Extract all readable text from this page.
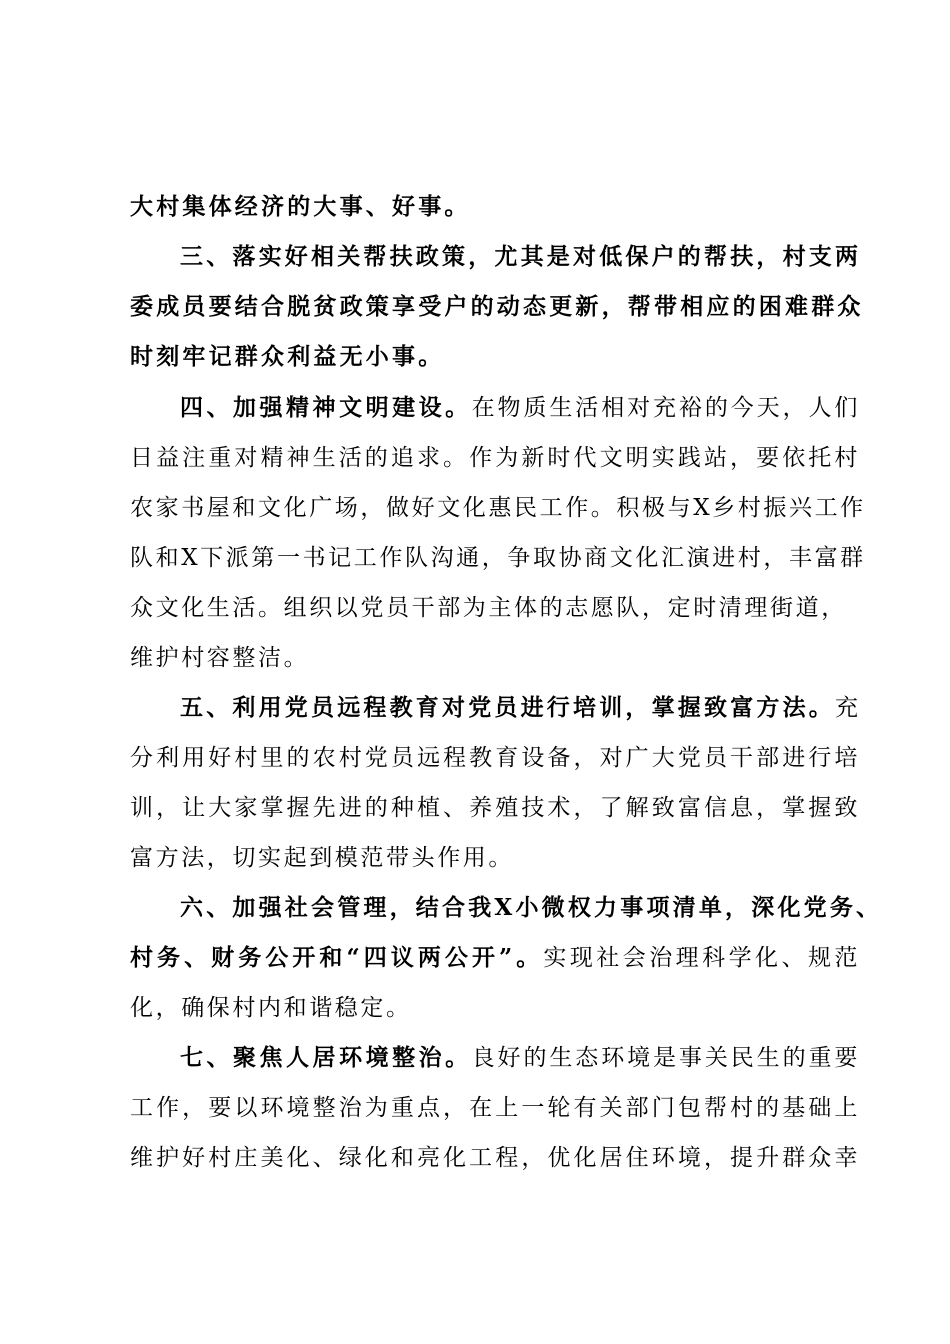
大村集体经济的大事、好事。
三、落实好相关帮扶政策，尤其是对低保户的帮扶，村支两
委成员要结合脱贫政策享受户的动态更新，帮带相应的困难群众
时刻牢记群众利益无小事。
四、加强精神文明建设。在物质生活相对充裕的今天，人们
日益注重对精神生活的追求。作为新时代文明实践站，要依托村
农家书屋和文化广场，做好文化惠民工作。积极与X乡村振兴工作
队和X下派第一书记工作队沟通，争取协商文化汇演进村，丰富群
众文化生活。组织以党员干部为主体的志愿队，定时清理街道，
维护村容整洁。
五、利用党员远程教育对党员进行培训，掌握致富方法。充
分利用好村里的农村党员远程教育设备，对广大党员干部进行培
训，让大家掌握先进的种植、养殖技术，了解致富信息，掌握致
富方法，切实起到模范带头作用。
六、加强社会管理，结合我X小微权力事项清单，深化党务、
村务、财务公开和“四议两公开”。实现社会治理科学化、规范
化，确保村内和谐稳定。
七、聚焦人居环境整治。良好的生态环境是事关民生的重要
工作，要以环境整治为重点，在上一轮有关部门包帮村的基础上
维护好村庄美化、绿化和亮化工程，优化居住环境，提升群众幸
